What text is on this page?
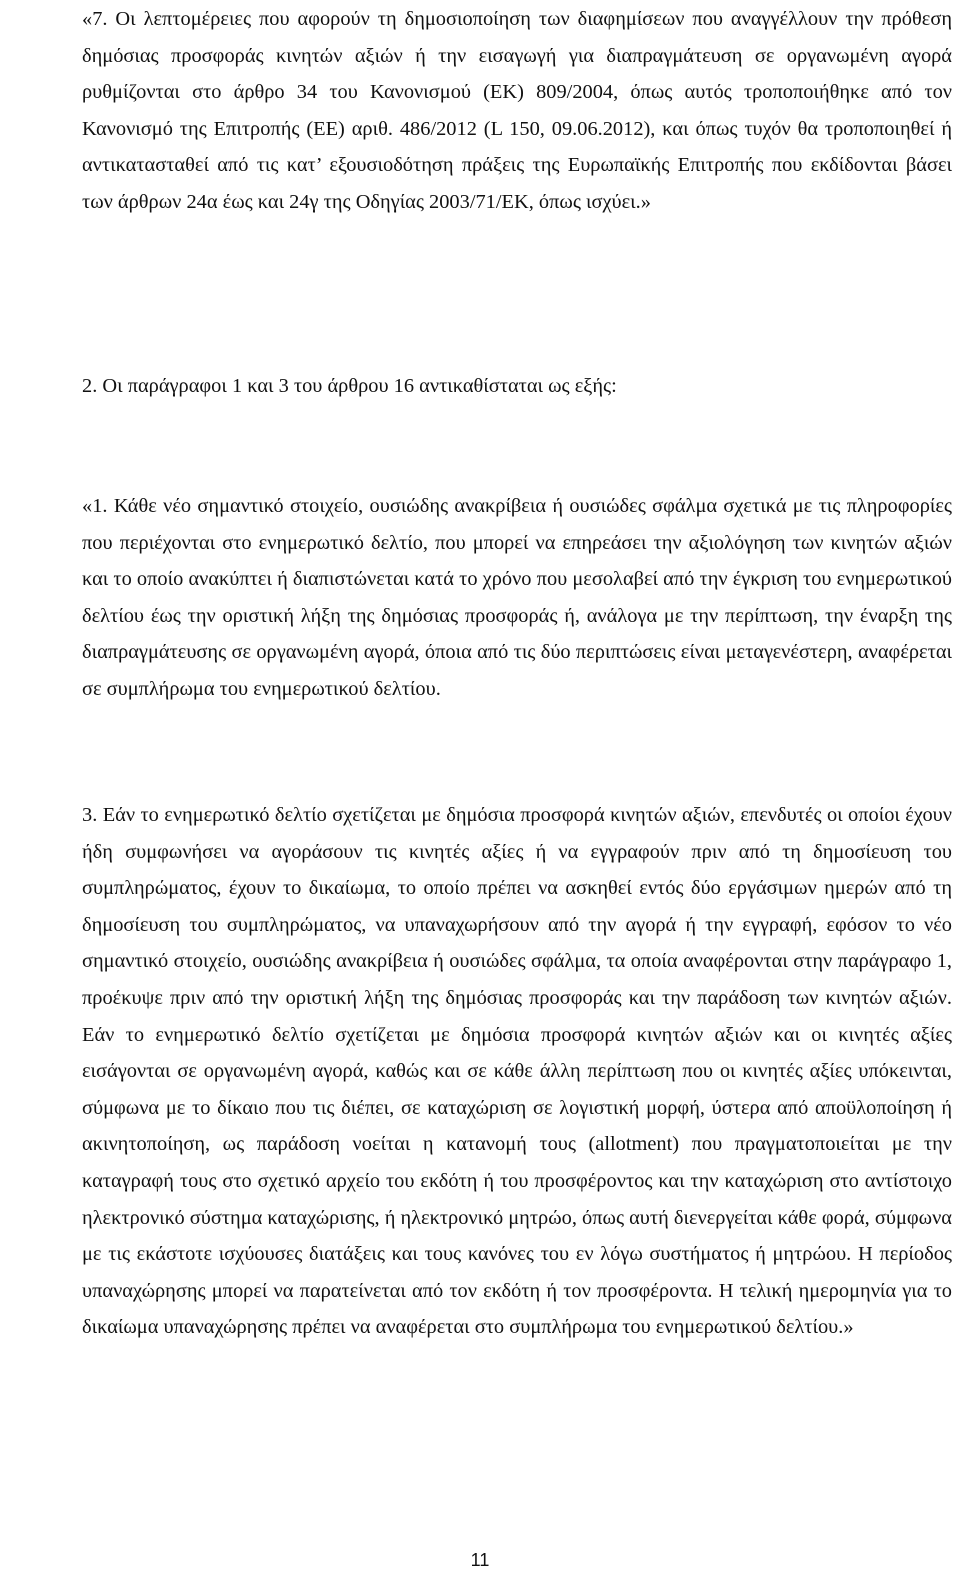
«7. Οι λεπτομέρειες που αφορούν τη δημοσιοποίηση των διαφημίσεων που αναγγέλλουν την πρόθεση δημόσιας προσφοράς κινητών αξιών ή την εισαγωγή για διαπραγμάτευση σε οργανωμένη αγορά ρυθμίζονται στο άρθρο 34 του Κανονισμού (ΕΚ) 809/2004, όπως αυτός τροποποιήθηκε από τον Κανονισμό της Επιτροπής (ΕΕ) αριθ. 486/2012 (L 150, 09.06.2012), και όπως τυχόν θα τροποποιηθεί ή αντικατασταθεί από τις κατ’ εξουσιοδότηση πράξεις της Ευρωπαϊκής Επιτροπής που εκδίδονται βάσει των άρθρων 24α έως και 24γ της Οδηγίας 2003/71/ΕΚ, όπως ισχύει.»

2. Οι παράγραφοι 1 και 3 του άρθρου 16 αντικαθίσταται ως εξής:

«1. Κάθε νέο σημαντικό στοιχείο, ουσιώδης ανακρίβεια ή ουσιώδες σφάλμα σχετικά με τις πληροφορίες που περιέχονται στο ενημερωτικό δελτίο, που μπορεί να επηρεάσει την αξιολόγηση των κινητών αξιών και το οποίο ανακύπτει ή διαπιστώνεται κατά το χρόνο που μεσολαβεί από την έγκριση του ενημερωτικού δελτίου έως την οριστική λήξη της δημόσιας προσφοράς ή, ανάλογα με την περίπτωση, την έναρξη της διαπραγμάτευσης σε οργανωμένη αγορά, όποια από τις δύο περιπτώσεις είναι μεταγενέστερη, αναφέρεται σε συμπλήρωμα του ενημερωτικού δελτίου.

3. Εάν το ενημερωτικό δελτίο σχετίζεται με δημόσια προσφορά κινητών αξιών, επενδυτές οι οποίοι έχουν ήδη συμφωνήσει να αγοράσουν τις κινητές αξίες ή να εγγραφούν πριν από τη δημοσίευση του συμπληρώματος, έχουν το δικαίωμα, το οποίο πρέπει να ασκηθεί εντός δύο εργάσιμων ημερών από τη δημοσίευση του συμπληρώματος, να υπαναχωρήσουν από την αγορά ή την εγγραφή, εφόσον το νέο σημαντικό στοιχείο, ουσιώδης ανακρίβεια ή ουσιώδες σφάλμα, τα οποία αναφέρονται στην παράγραφο 1, προέκυψε πριν από την οριστική λήξη της δημόσιας προσφοράς και την παράδοση των κινητών αξιών. Εάν το ενημερωτικό δελτίο σχετίζεται με δημόσια προσφορά κινητών αξιών και οι κινητές αξίες εισάγονται σε οργανωμένη αγορά, καθώς και σε κάθε άλλη περίπτωση που οι κινητές αξίες υπόκεινται, σύμφωνα με το δίκαιο που τις διέπει, σε καταχώριση σε λογιστική μορφή, ύστερα από αποϋλοποίηση ή ακινητοποίηση, ως παράδοση νοείται η κατανομή τους (allotment) που πραγματοποιείται με την καταγραφή τους στο σχετικό αρχείο του εκδότη ή του προσφέροντος και την καταχώριση στο αντίστοιχο ηλεκτρονικό σύστημα καταχώρισης, ή ηλεκτρονικό μητρώο, όπως αυτή διενεργείται κάθε φορά, σύμφωνα με τις εκάστοτε ισχύουσες διατάξεις και τους κανόνες του εν λόγω συστήματος ή μητρώου. Η περίοδος υπαναχώρησης μπορεί να παρατείνεται από τον εκδότη ή τον προσφέροντα. Η τελική ημερομηνία για το δικαίωμα υπαναχώρησης πρέπει να αναφέρεται στο συμπλήρωμα του ενημερωτικού δελτίου.»

11
